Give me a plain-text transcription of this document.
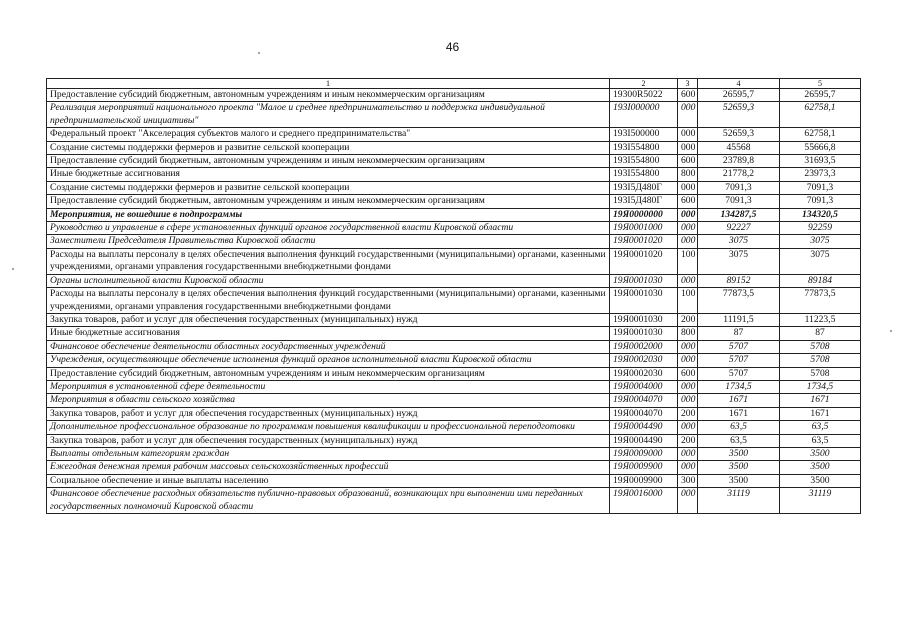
46
1	2	3	4	5
Предоставление субсидий бюджетным, автономным учреждениям и иным некоммерческим организациям	19300R5022	600	26595,7	26595,7
Реализация мероприятий национального проекта "Малое и среднее предпринимательство и поддержка индивидуальной предпринимательской инициативы"	193I000000	000	52659,3	62758,1
Федеральный проект "Акселерация субъектов малого и среднего предпринимательства"	193I500000	000	52659,3	62758,1
Создание системы поддержки фермеров и развитие сельской кооперации	193I554800	000	45568	55666,8
Предоставление субсидий бюджетным, автономным учреждениям и иным некоммерческим организациям	193I554800	600	23789,8	31693,5
Иные бюджетные ассигнования	193I554800	800	21778,2	23973,3
Создание системы поддержки фермеров и развитие сельской кооперации	193I5Д480Г	000	7091,3	7091,3
Предоставление субсидий бюджетным, автономным учреждениям и иным некоммерческим организациям	193I5Д480Г	600	7091,3	7091,3
Мероприятия, не вошедшие в подпрограммы	19Я0000000	000	134287,5	134320,5
Руководство и управление в сфере установленных функций органов государственной власти Кировской области	19Я0001000	000	92227	92259
Заместители Председателя Правительства Кировской области	19Я0001020	000	3075	3075
Расходы на выплаты персоналу в целях обеспечения выполнения функций государственными (муниципальными) органами, казенными учреждениями, органами управления государственными внебюджетными фондами	19Я0001020	100	3075	3075
Органы исполнительной власти Кировской области	19Я0001030	000	89152	89184
Расходы на выплаты персоналу в целях обеспечения выполнения функций государственными (муниципальными) органами, казенными учреждениями, органами управления государственными внебюджетными фондами	19Я0001030	100	77873,5	77873,5
Закупка товаров, работ и услуг для обеспечения государственных (муниципальных) нужд	19Я0001030	200	11191,5	11223,5
Иные бюджетные ассигнования	19Я0001030	800	87	87
Финансовое обеспечение деятельности областных государственных учреждений	19Я0002000	000	5707	5708
Учреждения, осуществляющие обеспечение исполнения функций органов исполнительной власти Кировской области	19Я0002030	000	5707	5708
Предоставление субсидий бюджетным, автономным учреждениям и иным некоммерческим организациям	19Я0002030	600	5707	5708
Мероприятия в установленной сфере деятельности	19Я0004000	000	1734,5	1734,5
Мероприятия в области сельского хозяйства	19Я0004070	000	1671	1671
Закупка товаров, работ и услуг для обеспечения государственных (муниципальных) нужд	19Я0004070	200	1671	1671
Дополнительное профессиональное образование по программам повышения квалификации и профессиональной переподготовки	19Я0004490	000	63,5	63,5
Закупка товаров, работ и услуг для обеспечения государственных (муниципальных) нужд	19Я0004490	200	63,5	63,5
Выплаты отдельным категориям граждан	19Я0009000	000	3500	3500
Ежегодная денежная премия рабочим массовых сельскохозяйственных профессий	19Я0009900	000	3500	3500
Социальное обеспечение и иные выплаты населению	19Я0009900	300	3500	3500
Финансовое обеспечение расходных обязательств публично-правовых образований, возникающих при выполнении ими переданных государственных полномочий Кировской области	19Я0016000	000	31119	31119
